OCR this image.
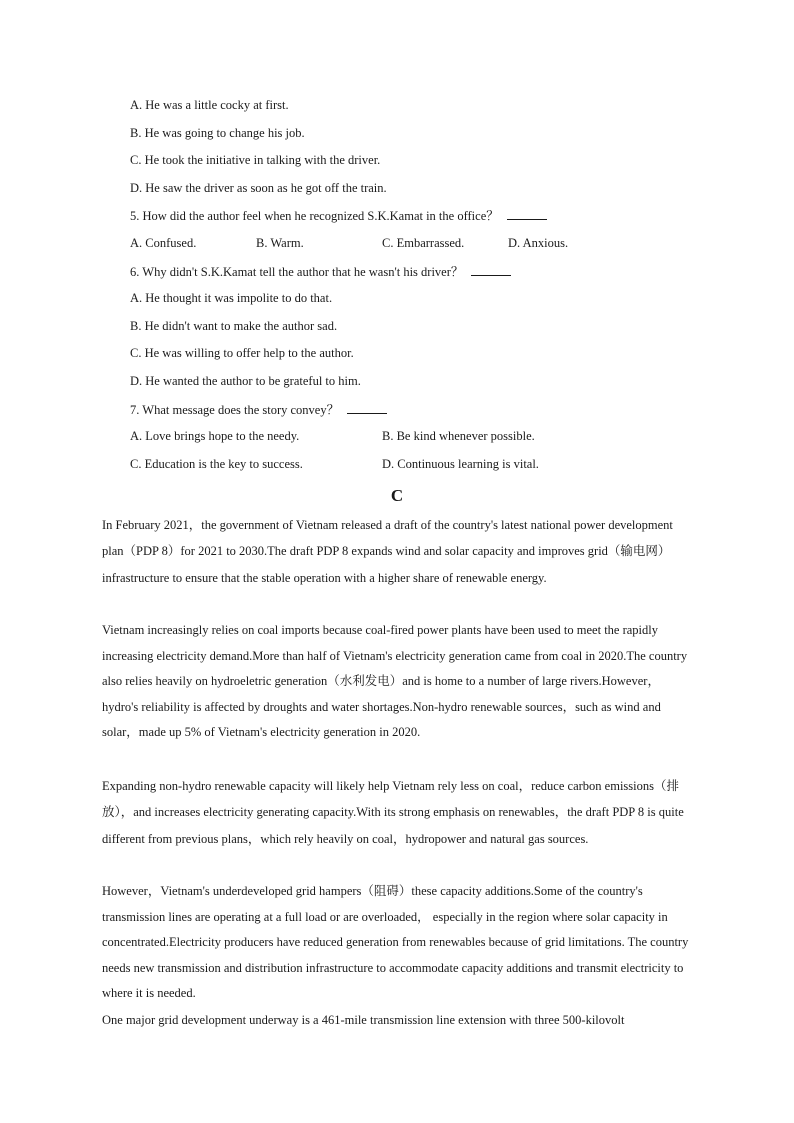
A. He was a little cocky at first.
B. He was going to change his job.
C. He took the initiative in talking with the driver.
D. He saw the driver as soon as he got off the train.
5. How did the author feel when he recognized S.K.Kamat in the office？
A. Confused.	B. Warm.	C. Embarrassed.	D. Anxious.
6. Why didn't S.K.Kamat tell the author that he wasn't his driver？
A. He thought it was impolite to do that.
B. He didn't want to make the author sad.
C. He was willing to offer help to the author.
D. He wanted the author to be grateful to him.
7. What message does the story convey？
A. Love brings hope to the needy.	B. Be kind whenever possible.
C. Education is the key to success.	D. Continuous learning is vital.
C

In February 2021，the government of Vietnam released a draft of the country's latest national power development plan（PDP 8）for 2021 to 2030.The draft PDP 8 expands wind and solar capacity and improves grid（输电网）infrastructure to ensure that the stable operation with a higher share of renewable energy.

Vietnam increasingly relies on coal imports because coal-fired power plants have been used to meet the rapidly increasing electricity demand.More than half of Vietnam's electricity generation came from coal in 2020.The country also relies heavily on hydroeletric generation（水利发电）and is home to a number of large rivers.However，hydro's reliability is affected by droughts and water shortages.Non-hydro renewable sources，such as wind and solar，made up 5% of Vietnam's electricity generation in 2020.

Expanding non-hydro renewable capacity will likely help Vietnam rely less on coal，reduce carbon emissions（排放），and increases electricity generating capacity.With its strong emphasis on renewables，the draft PDP 8 is quite different from previous plans，which rely heavily on coal，hydropower and natural gas sources.

However，Vietnam's underdeveloped grid hampers（阻碍）these capacity additions.Some of the country's transmission lines are operating at a full load or are overloaded， especially in the region where solar capacity in concentrated.Electricity producers have reduced generation from renewables because of grid limitations. The country needs new transmission and distribution infrastructure to accommodate capacity additions and transmit electricity to where it is needed.

One major grid development underway is a 461-mile transmission line extension with three 500-kilovolt
